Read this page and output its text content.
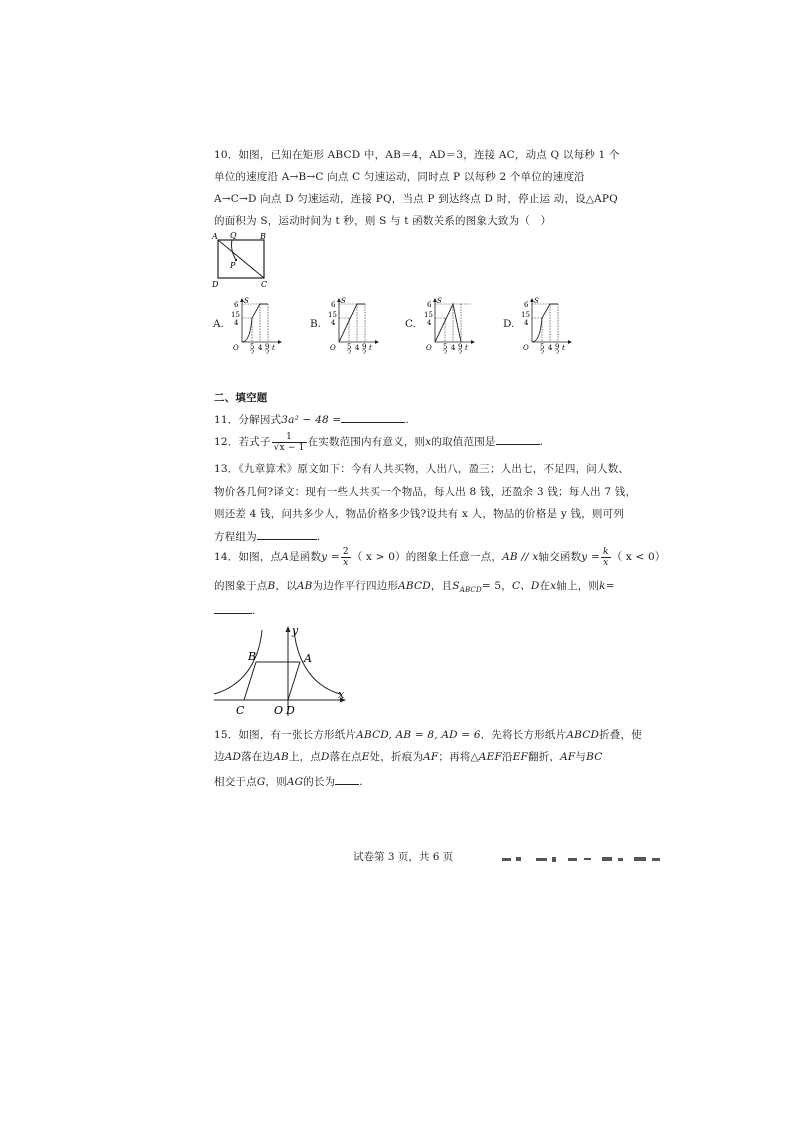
10．如图，已知在矩形 ABCD 中，AB＝4，AD＝3，连接 AC，动点 Q 以每秒 1 个
单位的速度沿 A→B→C 向点 C 匀速运动，同时点 P 以每秒 2 个单位的速度沿
A→C→D 向点 D 匀速运动，连接 PQ，当点 P 到达终点 D 时，停止运 动，设△APQ
的面积为 S，运动时间为 t 秒，则 S 与 t 函数关系的图象大致为（　）
A Q	B
P
D	C
A.	B.	C.	D.
S
6
15
4
O 5
2
4 9
2
t
S
6
15
4
O 5
2
4 9
2
t
S
6
15
4
O 5
2
4 9
2
t
S
6
15
4
O 5
2
4 9
2
t
二、填空题
11．分解因式3a² − 48 =	.
12．若式子 $\frac{1}{√x - 1}$ 在实数范围内有意义，则x的取值范围是	.
13．《九章算术》原文如下：今有人共买物，人出八，盈三；人出七，不足四，问人数、
物价各几何?译文：现有一些人共买一个物品，每人出 8 钱，还盈余 3 钱；每人出 7 钱，
则还差 4 钱，问共多少人，物品价格多少钱?设共有 x 人，物品的价格是 y 钱，则可列
方程组为	.
14．如图，点A是函数$y = \frac{2}{x}$ （ x > 0）的图象上任意一点，AB // x轴交函数$y = \frac{k}{x}$ （ x < 0）
的图象于点B，以AB为边作平行四边形ABCD，且$S_{ABCD}= 5$，C、D在x轴上，则k=
.
y
x
B	A
C	O D
15．如图，有一张长方形纸片ABCD, AB = 8, AD = 6．先将长方形纸片ABCD折叠，使
边AD落在边AB上，点D落在点E处，折痕为AF；再将△AEF沿EF翻折，AF与BC
相交于点G，则AG的长为 .
试卷第 3 页，共 6 页
